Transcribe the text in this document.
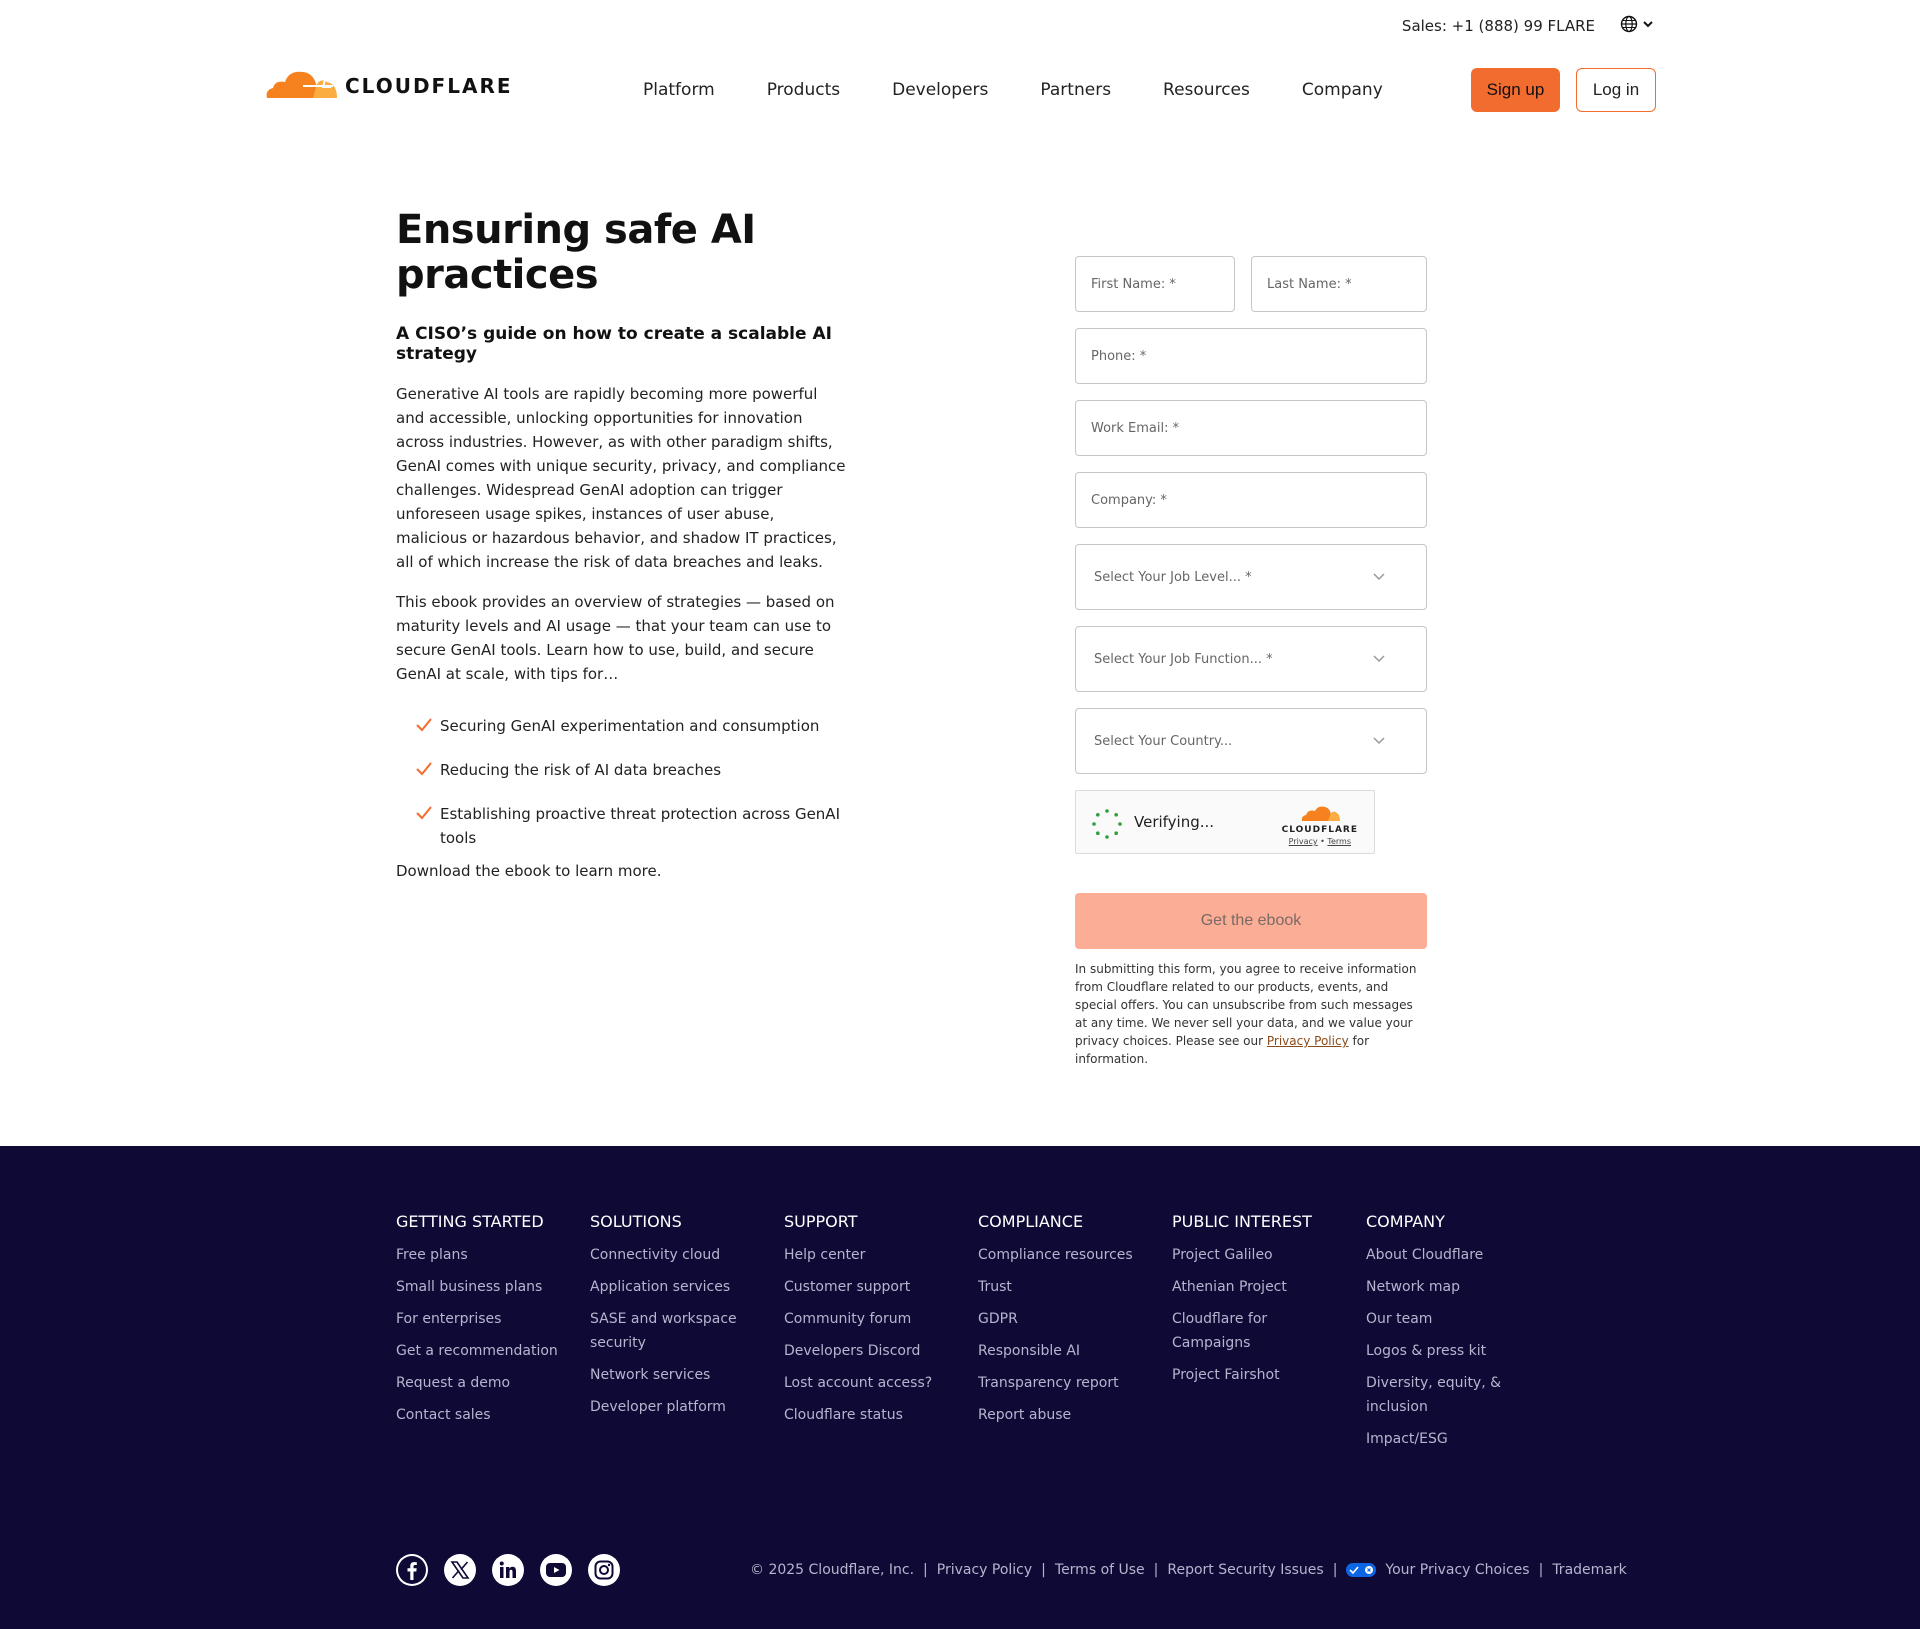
Sales: +1 (888) 99 FLARE
CLOUDFLARE	Platform	Products	Developers	Partners	Resources	Company	Sign up	Log in
Ensuring safe AI
practices
A CISO’s guide on how to create a scalable AI strategy

Generative AI tools are rapidly becoming more powerful and accessible, unlocking opportunities for innovation across industries. However, as with other paradigm shifts, GenAI comes with unique security, privacy, and compliance challenges. Widespread GenAI adoption can trigger unforeseen usage spikes, instances of user abuse, malicious or hazardous behavior, and shadow IT practices, all of which increase the risk of data breaches and leaks.

This ebook provides an overview of strategies — based on maturity levels and AI usage — that your team can use to secure GenAI tools. Learn how to use, build, and secure GenAI at scale, with tips for…

Securing GenAI experimentation and consumption
Reducing the risk of AI data breaches
Establishing proactive threat protection across GenAI tools
Download the ebook to learn more.
First Name: *	Last Name: *
Phone: *
Work Email: *
Company: *
Select Your Job Level... *
Select Your Job Function... *
Select Your Country...
Verifying...	CLOUDFLARE
Privacy • Terms
Get the ebook

In submitting this form, you agree to receive information from Cloudflare related to our products, events, and special offers. You can unsubscribe from such messages at any time. We never sell your data, and we value your privacy choices. Please see our Privacy Policy for information.

GETTING STARTED
Free plans
Small business plans
For enterprises
Get a recommendation
Request a demo
Contact sales
SOLUTIONS
Connectivity cloud
Application services
SASE and workspace security
Network services
Developer platform
SUPPORT
Help center
Customer support
Community forum
Developers Discord
Lost account access?
Cloudflare status
COMPLIANCE
Compliance resources
Trust
GDPR
Responsible AI
Transparency report
Report abuse
PUBLIC INTEREST
Project Galileo
Athenian Project
Cloudflare for Campaigns
Project Fairshot
COMPANY
About Cloudflare
Network map
Our team
Logos & press kit
Diversity, equity, & inclusion
Impact/ESG
© 2025 Cloudflare, Inc. | Privacy Policy | Terms of Use | Report Security Issues |	Your Privacy Choices | Trademark
